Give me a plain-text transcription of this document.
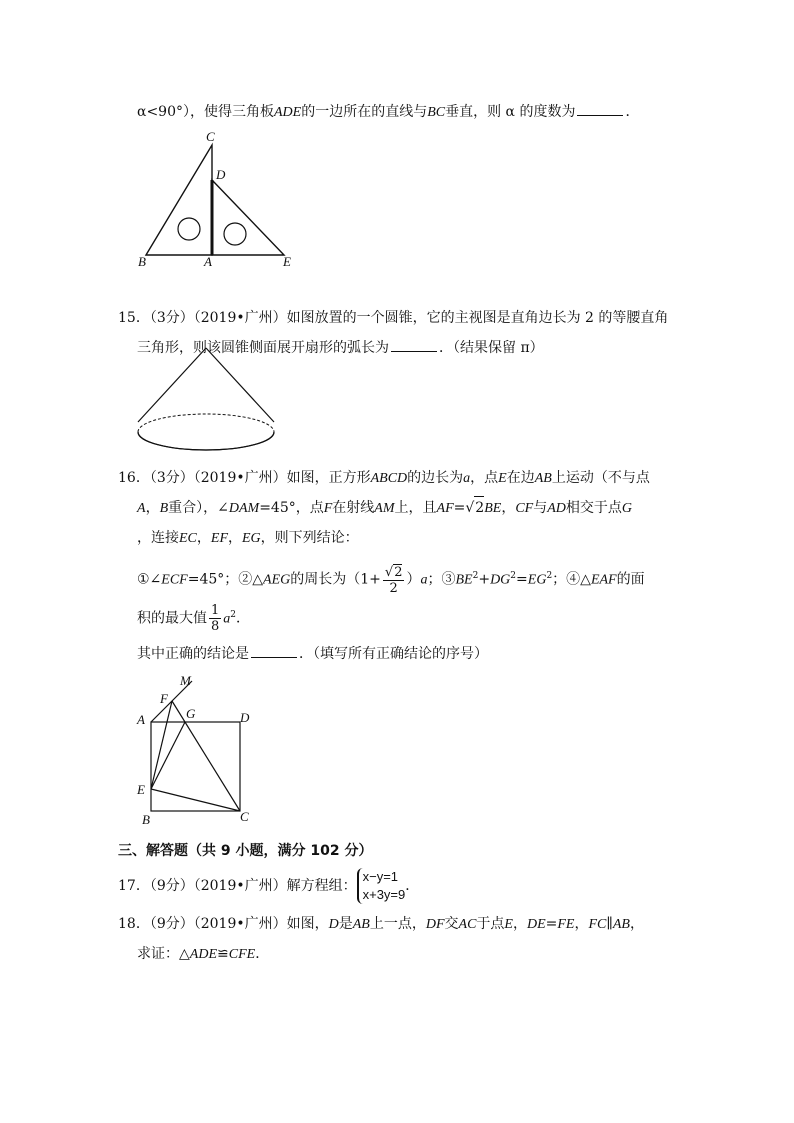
α<90°），使得三角板ADE的一边所在的直线与BC垂直，则 α 的度数为	．
C
D
B	A	E
15．（3分）（2019•广州）如图放置的一个圆锥，它的主视图是直角边长为 2 的等腰直角
三角形，则该圆锥侧面展开扇形的弧长为	．（结果保留 π）
16．（3分）（2019•广州）如图，正方形ABCD的边长为a，点E在边AB上运动（不与点
A，B重合），∠DAM=45°，点F在射线AM上，且AF=√2BE，CF与AD相交于点G
，连接EC，EF，EG，则下列结论：
①∠ECF=45°；②△AEG的周长为$(1+ \frac{√2}{2} )a$；$③BE^2+DG^2=EG^2$；④△EAF的面
积的最大值 $\frac{1}{8} a^2$．
其中正确的结论是	．（填写所有正确结论的序号）
M
F
G
A	D
E
B	C
三、解答题（共 9 小题，满分 102 分）
17．（9分）（2019•广州）解方程组：
x−y=1
x+3y=9
．
18．（9分）（2019•广州）如图，D是AB上一点，DF交AC于点E，DE=FE，FC∥AB，
求证：△ADE≌CFE．
